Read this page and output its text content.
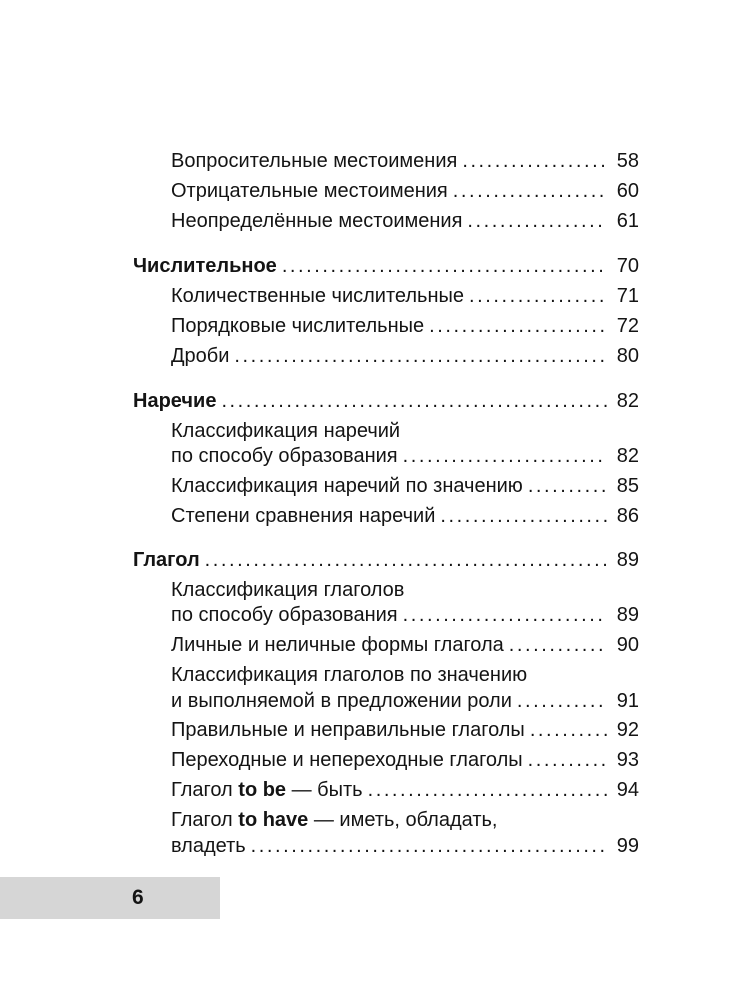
Вопросительные местоимения . . .	58
Отрицательные местоимения . . .	60
Неопределённые местоимения . . .	61
Числительное . . .	70
Количественные числительные . . .	71
Порядковые числительные . . .	72
Дроби . . .	80
Наречие . . .	82
Классификация наречий
по способу образования . . .	82
Классификация наречий по значению . . .	85
Степени сравнения наречий . . .	86
Глагол . . .	89
Классификация глаголов
по способу образования . . .	89
Личные и неличные формы глагола . . .	90
Классификация глаголов по значению
и выполняемой в предложении роли . . .	91
Правильные и неправильные глаголы . . .	92
Переходные и непереходные глаголы . . .	93
Глагол to be — быть . . .	94
Глагол to have — иметь, обладать,
владеть . . .	99
6
